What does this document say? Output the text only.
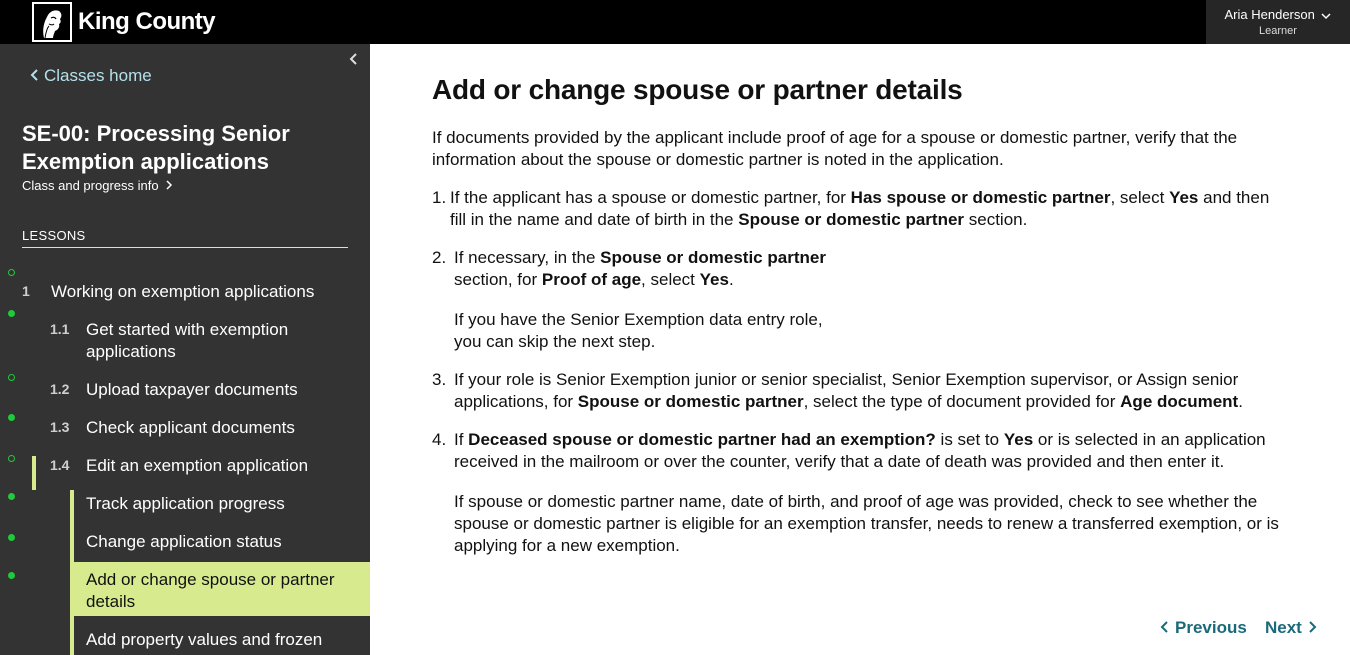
King County	Aria Henderson
Learner
Classes home
SE-00: Processing Senior Exemption applications
Class and progress info
LESSONS
1 Working on exemption applications
1.1 Get started with exemption applications
1.2 Upload taxpayer documents
1.3 Check applicant documents
1.4 Edit an exemption application
Track application progress
Change application status
Add or change spouse or partner details
Add property values and frozen
Add or change spouse or partner details
If documents provided by the applicant include proof of age for a spouse or domestic partner, verify that the information about the spouse or domestic partner is noted in the application.
1. If the applicant has a spouse or domestic partner, for Has spouse or domestic partner, select Yes and then fill in the name and date of birth in the Spouse or domestic partner section.
2. If necessary, in the Spouse or domestic partner section, for Proof of age, select Yes.
If you have the Senior Exemption data entry role, you can skip the next step.
3. If your role is Senior Exemption junior or senior specialist, Senior Exemption supervisor, or Assign senior applications, for Spouse or domestic partner, select the type of document provided for Age document.
4. If Deceased spouse or domestic partner had an exemption? is set to Yes or is selected in an application received in the mailroom or over the counter, verify that a date of death was provided and then enter it.
If spouse or domestic partner name, date of birth, and proof of age was provided, check to see whether the spouse or domestic partner is eligible for an exemption transfer, needs to renew a transferred exemption, or is applying for a new exemption.
Previous Next
